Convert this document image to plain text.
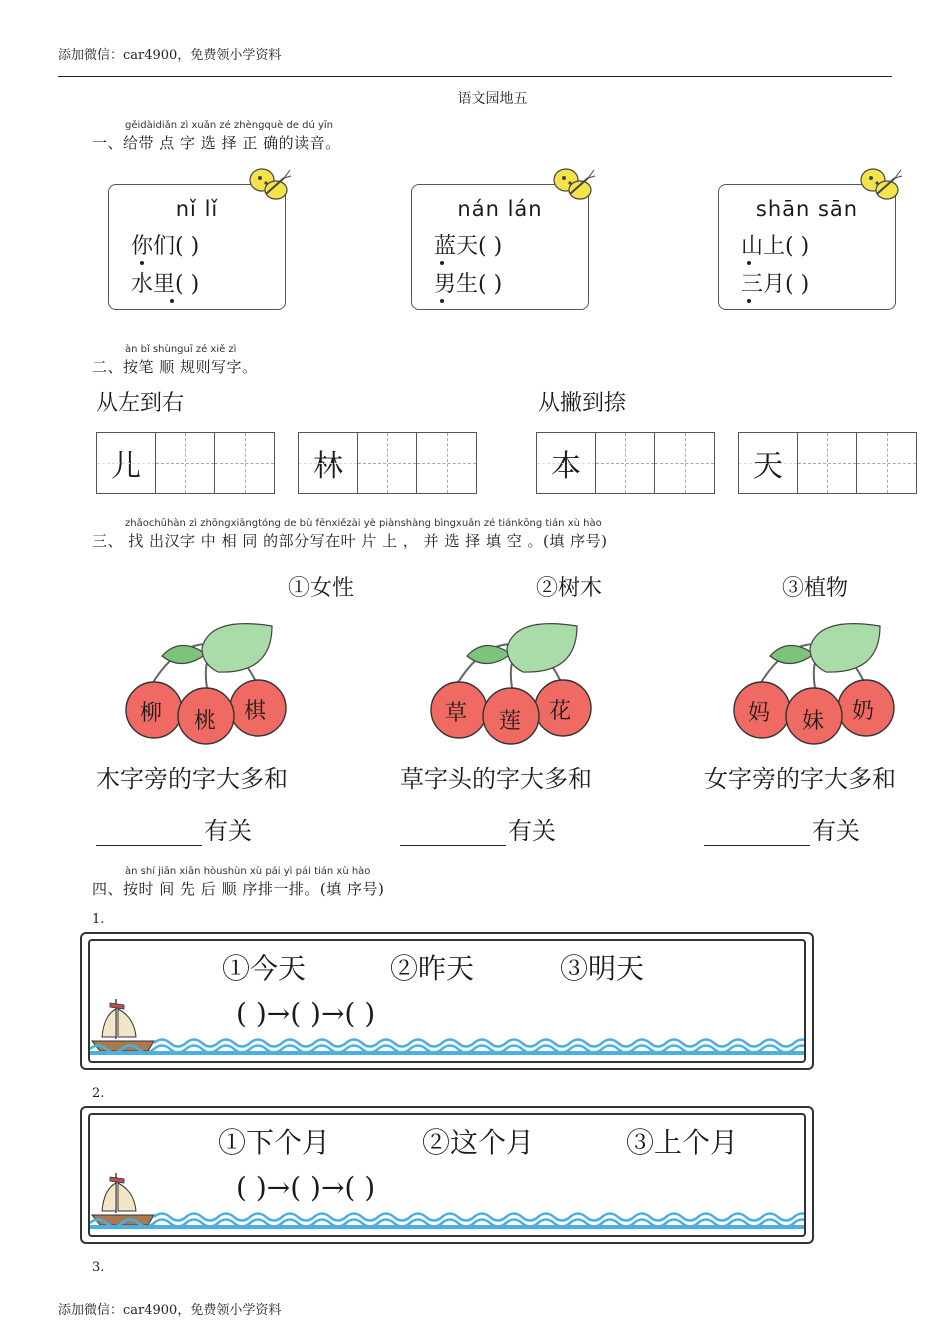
添加微信：car4900，免费领小学资料
语文园地五
gěidàidiǎn zì xuǎn zé zhèngquè de dú yīn
一、给带 点 字 选 择 正 确的读音。
nǐ lǐ
你们( )
水里( )
nán lán
蓝天( )
男生( )
shān sān
山上( )
三月( )
àn bǐ shùnguī zé xiě zì
二、按笔 顺 规则写字。
从左到右	从撇到捺
儿	林	本	天
zhǎochūhàn zì zhōngxiāngtóng de bù fēnxiězài yè piànshàng bìngxuǎn zé tiánkōng tián xù hào
三、 找 出汉字 中 相 同 的部分写在叶 片 上 ， 并 选 择 填 空 。(填 序号)
①女性	②树木	③植物
柳 桃 棋	草 莲 花	妈 妹 奶
木字旁的字大多和	草字头的字大多和	女字旁的字大多和
有关	有关	有关
àn shí jiān xiān hòushùn xù pái yì pái tián xù hào
四、按时 间 先 后 顺 序排一排。(填 序号)
1.
①今天	②昨天	③明天
( )→( )→( )
2.
①下个月	②这个月	③上个月
( )→( )→( )
3.
添加微信：car4900，免费领小学资料
